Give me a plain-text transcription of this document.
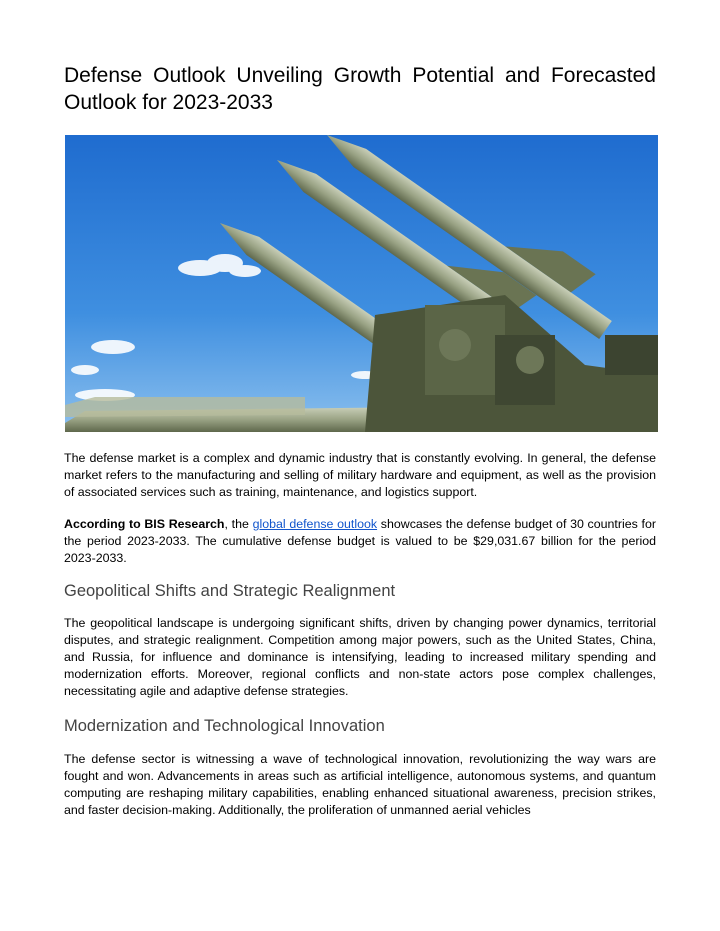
Defense Outlook Unveiling Growth Potential and Forecasted Outlook for 2023-2033

The defense market is a complex and dynamic industry that is constantly evolving. In general, the defense market refers to the manufacturing and selling of military hardware and equipment, as well as the provision of associated services such as training, maintenance, and logistics support.

According to BIS Research, the global defense outlook showcases the defense budget of 30 countries for the period 2023-2033. The cumulative defense budget is valued to be $29,031.67 billion for the period 2023-2033.

Geopolitical Shifts and Strategic Realignment

The geopolitical landscape is undergoing significant shifts, driven by changing power dynamics, territorial disputes, and strategic realignment. Competition among major powers, such as the United States, China, and Russia, for influence and dominance is intensifying, leading to increased military spending and modernization efforts. Moreover, regional conflicts and non-state actors pose complex challenges, necessitating agile and adaptive defense strategies.

Modernization and Technological Innovation

The defense sector is witnessing a wave of technological innovation, revolutionizing the way wars are fought and won. Advancements in areas such as artificial intelligence, autonomous systems, and quantum computing are reshaping military capabilities, enabling enhanced situational awareness, precision strikes, and faster decision-making. Additionally, the proliferation of unmanned aerial vehicles
